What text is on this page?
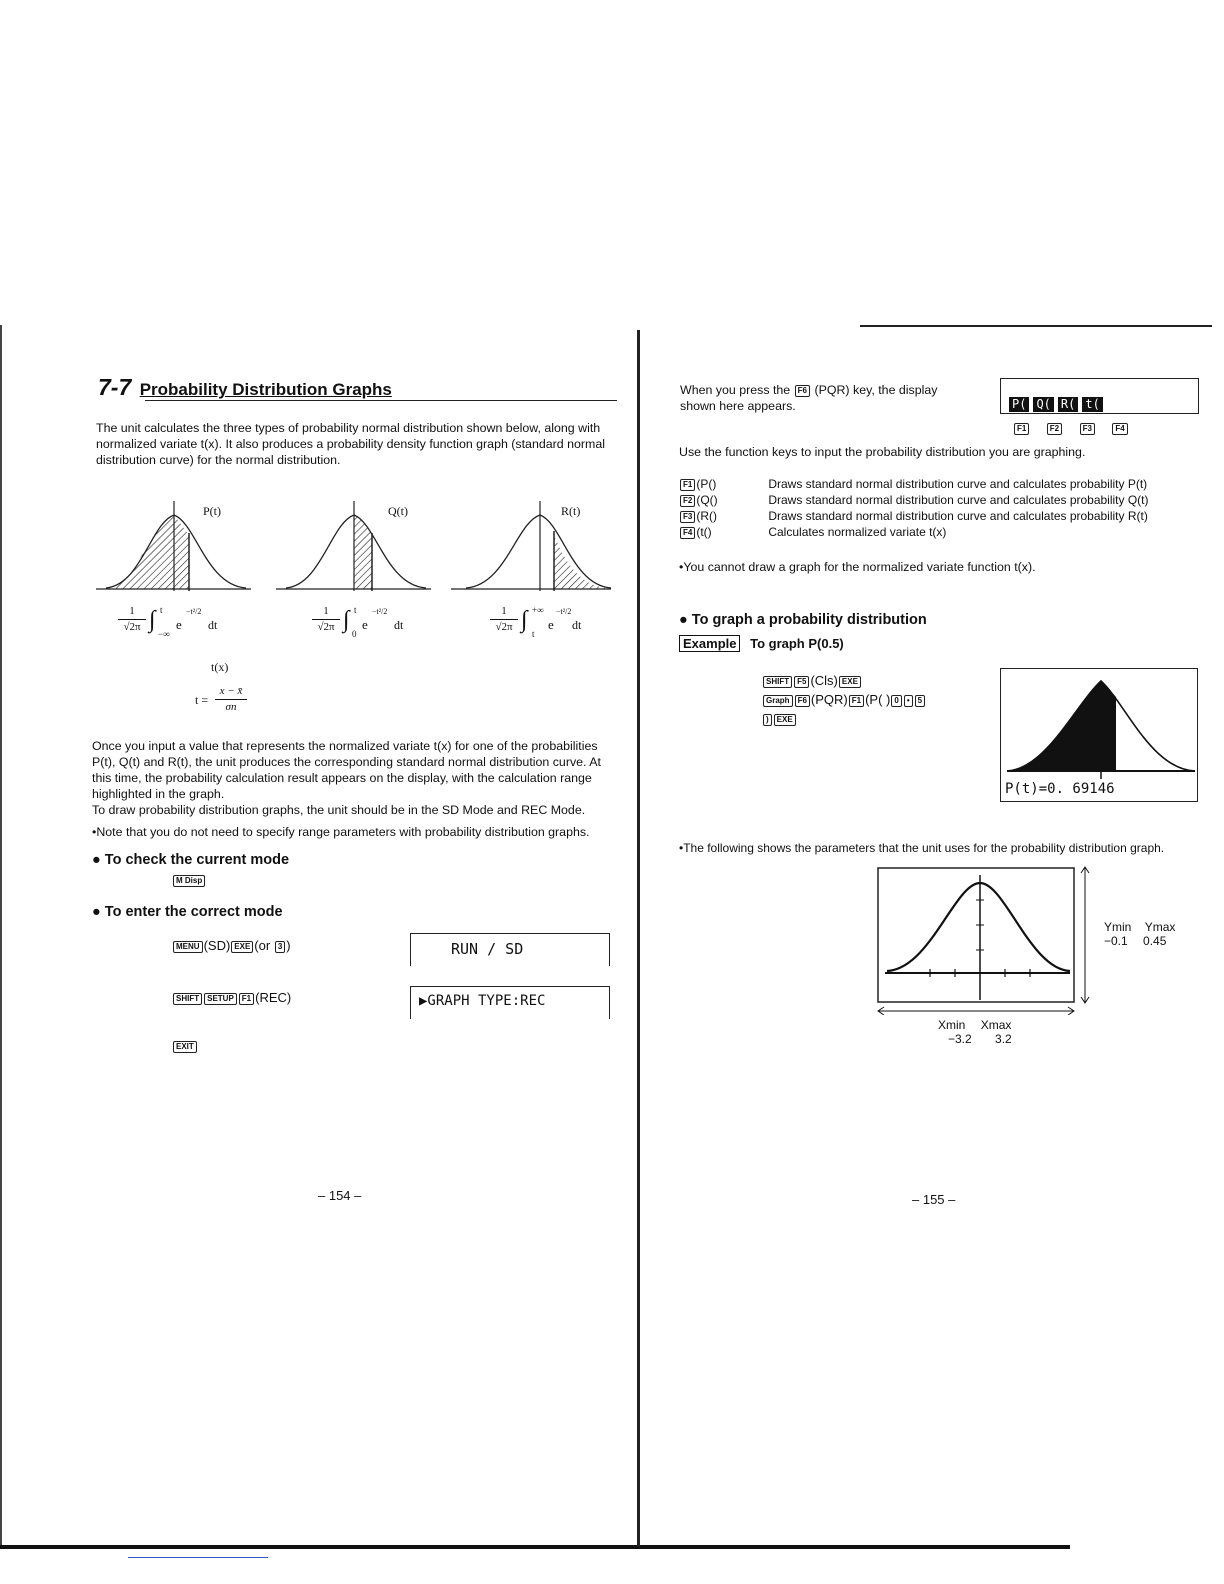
7-7 Probability Distribution Graphs
The unit calculates the three types of probability normal distribution shown below, along with normalized variate t(x). It also produces a probability density function graph (standard normal distribution curve) for the normal distribution.
P(t)	Q(t)	R(t)
1
√2π ∫ t
−∞
e
−t²/2
dt
1
√2π ∫ t
0
e
−t²/2
dt
1
√2π ∫ +∞
t
e
−t²/2
dt
t(x)
t =
x − x̄
σn
Once you input a value that represents the normalized variate t(x) for one of the probabilities P(t), Q(t) and R(t), the unit produces the corresponding standard normal distribution curve. At this time, the probability calculation result appears on the display, with the calculation range highlighted in the graph.
To draw probability distribution graphs, the unit should be in the SD Mode and REC Mode.
•Note that you do not need to specify range parameters with probability distribution graphs.
● To check the current mode
M Disp
● To enter the correct mode
MENU (SD) EXE (or 3 )	RUN / SD
SHIFT SETUP F1 (REC)	▶GRAPH TYPE:REC
EXIT
– 154 –
When you press the F6 (PQR) key, the display
shown here appears.	P( Q( R( t(
F1	F2	F3	F4
Use the function keys to input the probability distribution you are graphing.
F1 (P()	Draws standard normal distribution curve and calculates probability P(t)
F2 (Q()	Draws standard normal distribution curve and calculates probability Q(t)
F3 (R()	Draws standard normal distribution curve and calculates probability R(t)
F4 (t()	Calculates normalized variate t(x)
•You cannot draw a graph for the normalized variate function t(x).
● To graph a probability distribution
Example To graph P(0.5)
SHIFT F5 (Cls) EXE
Graph F6 (PQR) F1 (P( ) 0 • 5
) EXE
P(t)=0. 69146
•The following shows the parameters that the unit uses for the probability distribution graph.
Ymin Ymax
−0.1 0.45
Xmin Xmax
−3.2 3.2
– 155 –
